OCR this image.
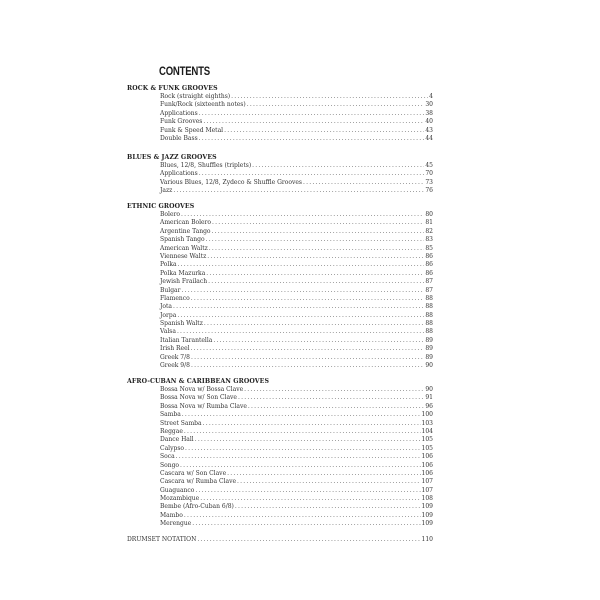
CONTENTS
ROCK & FUNK GROOVES
Rock (straight eighths) .....	4
Funk/Rock (sixteenth notes) .....	30
Applications .....	38
Funk Grooves .....	40
Funk & Speed Metal .....	43
Double Bass .....	44
BLUES & JAZZ GROOVES
Blues, 12/8, Shuffles (triplets) .....	45
Applications .....	70
Various Blues, 12/8, Zydeco & Shuffle Grooves .....	73
Jazz .....	76
ETHNIC GROOVES
Bolero .....	80
American Bolero .....	81
Argentine Tango .....	82
Spanish Tango .....	83
American Waltz .....	85
Viennese Waltz .....	86
Polka .....	86
Polka Mazurka .....	86
Jewish Frailach .....	87
Bulgar .....	87
Flamenco .....	88
Jota .....	88
Jorpa .....	88
Spanish Waltz .....	88
Valsa .....	88
Italian Tarantella .....	89
Irish Reel .....	89
Greek 7/8 .....	89
Greek 9/8 .....	90
AFRO-CUBAN & CARIBBEAN GROOVES
Bossa Nova w/ Bossa Clave .....	90
Bossa Nova w/ Son Clave .....	91
Bossa Nova w/ Rumba Clave .....	96
Samba .....	100
Street Samba .....	103
Reggae .....	104
Dance Hall .....	105
Calypso .....	105
Soca .....	106
Songo .....	106
Cascara w/ Son Clave .....	106
Cascara w/ Rumba Clave .....	107
Guaguanco .....	107
Mozambique .....	108
Bembe (Afro-Cuban 6/8) .....	109
Mambo .....	109
Merengue .....	109
DRUMSET NOTATION .....	110
